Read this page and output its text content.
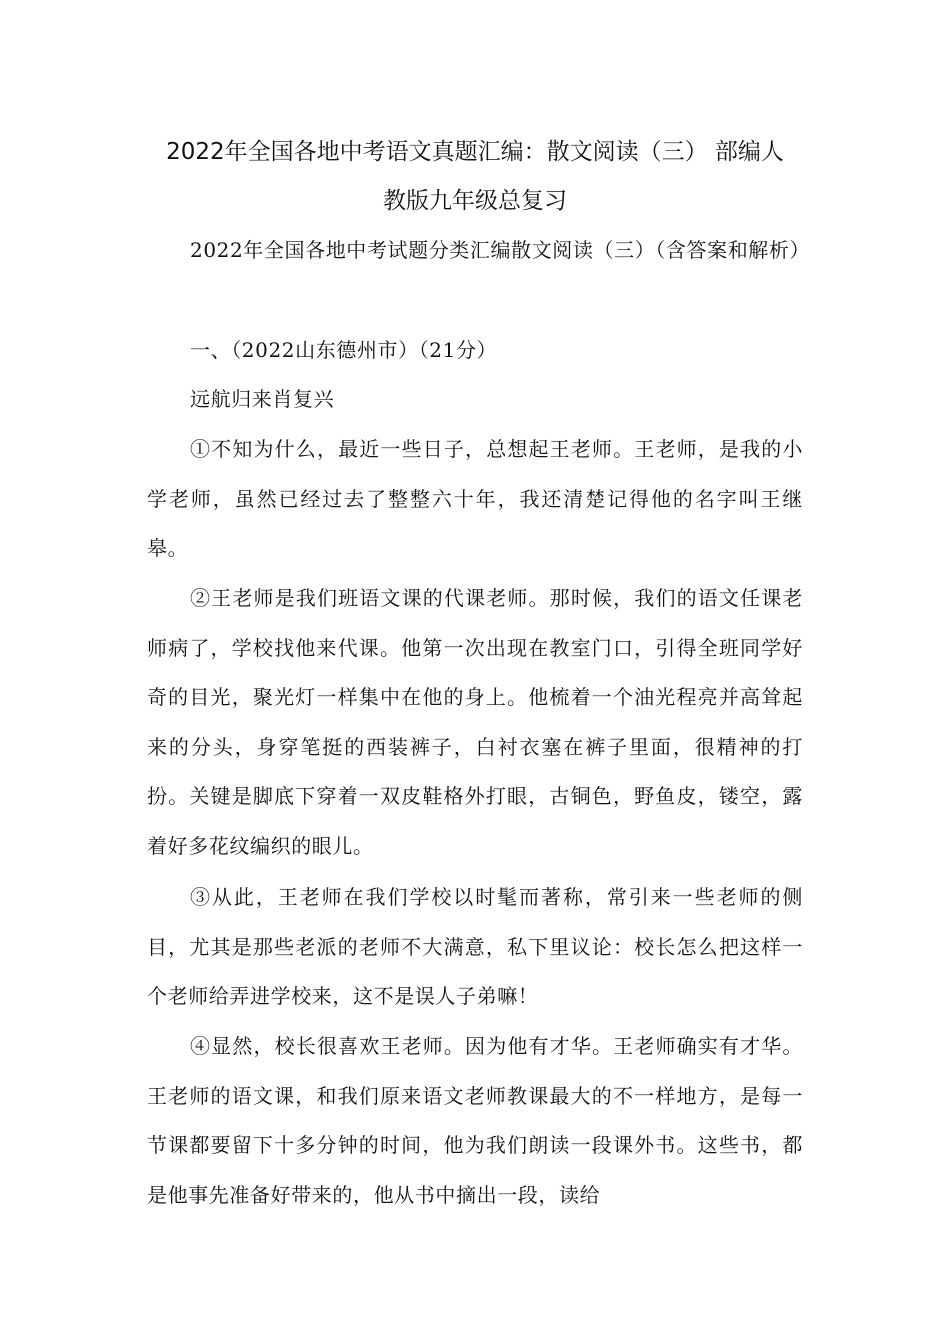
2022年全国各地中考语文真题汇编：散文阅读（三） 部编人
教版九年级总复习

2022年全国各地中考试题分类汇编散文阅读（三）（含答案和解析）

一、（2022山东德州市）（21分）

远航归来肖复兴

①不知为什么，最近一些日子，总想起王老师。王老师，是我的小学老师，虽然已经过去了整整六十年，我还清楚记得他的名字叫王继皋。

②王老师是我们班语文课的代课老师。那时候，我们的语文任课老师病了，学校找他来代课。他第一次出现在教室门口，引得全班同学好奇的目光，聚光灯一样集中在他的身上。他梳着一个油光程亮并高耸起来的分头，身穿笔挺的西装裤子，白衬衣塞在裤子里面，很精神的打扮。关键是脚底下穿着一双皮鞋格外打眼，古铜色，野鱼皮，镂空，露着好多花纹编织的眼儿。

③从此，王老师在我们学校以时髦而著称，常引来一些老师的侧目，尤其是那些老派的老师不大满意，私下里议论：校长怎么把这样一个老师给弄进学校来，这不是误人子弟嘛！

④显然，校长很喜欢王老师。因为他有才华。王老师确实有才华。王老师的语文课，和我们原来语文老师教课最大的不一样地方，是每一节课都要留下十多分钟的时间，他为我们朗读一段课外书。这些书，都是他事先准备好带来的，他从书中摘出一段，读给
